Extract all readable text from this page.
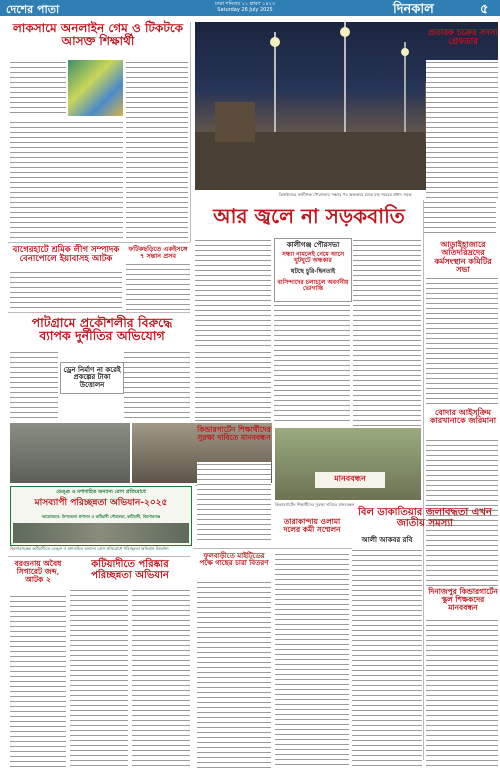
দেশের পাতা	ঢাকা শনিবার ১১ শ্রাবণ ১৪২৩
Saturday 26 July 2025	দিনকাল	৫
লাকসামে অনলাইন গেম ও টিকটকে আসক্ত শিক্ষার্থী
ঝিনাইদহের কালীগঞ্জ পৌরসভায় সন্ধ্যার পর অন্ধকারে ঢেকে যায় শহরের প্রধান সড়ক
আর জ্বলে না সড়কবাতি
কালীগঞ্জ পৌরসভা
সন্ধ্যা নামলেই নেমে আসে ঘুটঘুটে অন্ধকার
ঘটছে চুরি-ছিনতাই
বাসিন্দাদের চলাচলে অবর্ণনীয় ভোগান্তি
সাতক্ষীরার তালায়
প্রতারক চক্রের সদস্য গ্রেফতার
আড়াইহাজারে অতিদরিদ্রদের কর্মসংস্থান কমিটির সভা
বোদার আইসক্রিম কারখানাকে জরিমানা
দিনাজপুর কিন্ডারগার্টেন স্কুল শিক্ষকদের মানববন্ধন
বাগেরহাটে শ্রমিক লীগ সম্পাদক বেনাপোলে ইয়াবাসহ আটক
ফটিকছড়িতে একইসঙ্গে ৭ সন্তান প্রসব
পাটগ্রামে প্রকৌশলীর বিরুদ্ধে ব্যাপক দুর্নীতির অভিযোগ
ড্রেন নির্মাণ না করেই প্রকল্পের টাকা উত্তোলন
ডেঙ্গু ও মশাবাহিত অন্যান্য রোগ প্রতিরোধে
মাসব্যাপী পরিচ্ছন্নতা অভিযান-২০২৫
আয়োজনে: উপজেলা প্রশাসন ও কটিয়াদী পৌরসভা, কটিয়াদী, কিশোরগঞ্জ
কিশোরগঞ্জের কটিয়াদীতে ডেঙ্গু ও মশাবাহিত অন্যান্য রোগ প্রতিরোধে পরিচ্ছন্নতা অভিযান উদ্বোধন
কিন্ডারগার্টেন শিক্ষার্থীদের সুরক্ষা দাবিতে মানববন্ধন
মানববন্ধন
কিন্ডারগার্টেন শিক্ষার্থীদের সুরক্ষা দাবিতে মানববন্ধন
বরগুনায় অবৈধ সিগারেট জব্দ, আটক ২
কটিয়াদীতে পরিষ্কার পরিচ্ছন্নতা অভিযান
ফুলবাড়ীতে মাইটিডের পক্ষে গাছের চারা বিতরণ
তারাকান্দায় ওলামা দলের কমী সম্মেলন
বিল ডাকাতিয়ার জলাবদ্ধতা এখন জাতীয় সমস্যা
আলী আকবর রবি
